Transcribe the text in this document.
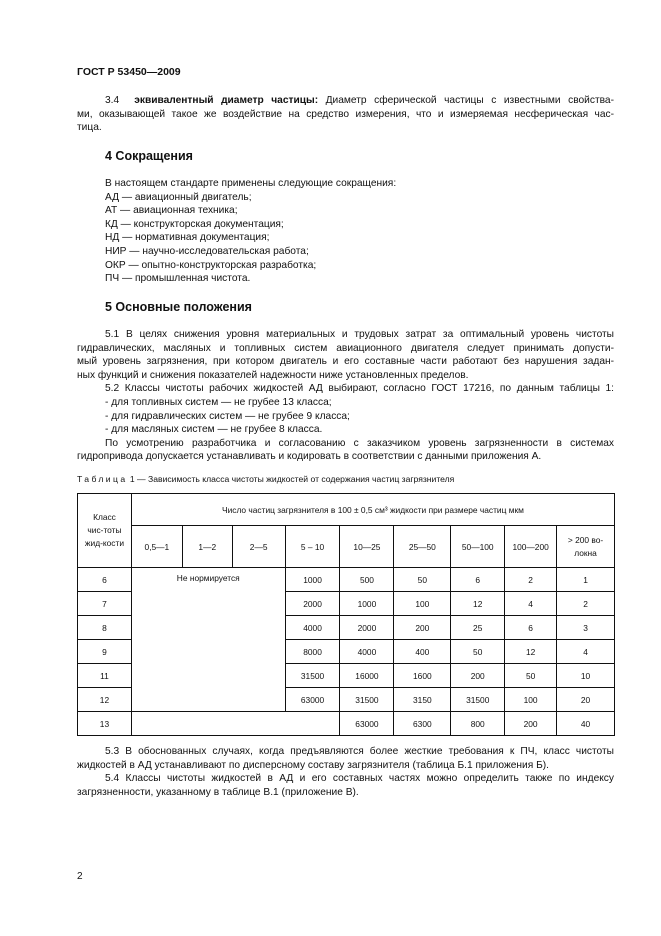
ГОСТ Р 53450—2009
3.4 эквивалентный диаметр частицы: Диаметр сферической частицы с известными свойства-
ми, оказывающей такое же воздействие на средство измерения, что и измеряемая несферическая час-
тица.
4 Сокращения
В настоящем стандарте применены следующие сокращения:
АД — авиационный двигатель;
АТ — авиационная техника;
КД — конструкторская документация;
НД — нормативная документация;
НИР — научно-исследовательская работа;
ОКР — опытно-конструкторская разработка;
ПЧ — промышленная чистота.
5 Основные положения
5.1 В целях снижения уровня материальных и трудовых затрат за оптимальный уровень чистоты
гидравлических, масляных и топливных систем авиационного двигателя следует принимать допусти-
мый уровень загрязнения, при котором двигатель и его составные части работают без нарушения задан-
ных функций и снижения показателей надежности ниже установленных пределов.
5.2 Классы чистоты рабочих жидкостей АД выбирают, согласно ГОСТ 17216, по данным таблицы 1:
- для топливных систем — не грубее 13 класса;
- для гидравлических систем — не грубее 9 класса;
- для масляных систем — не грубее 8 класса.
По усмотрению разработчика и согласованию с заказчиком уровень загрязненности в системах
гидропривода допускается устанавливать и кодировать в соответствии с данными приложения А.
Таблица 1 — Зависимость класса чистоты жидкостей от содержания частиц загрязнителя
Класс чис-тоты жид-кости	Число частиц загрязнителя в 100 ± 0,5 см³ жидкости при размере частиц мкм								
	0,5—1	1—2	2—5	5 – 10	10—25	25—50	50—100	100—200	> 200 во-локна
6	Не нормируется			1000	500	50	6	2	1
7				2000	1000	100	12	4	2
8				4000	2000	200	25	6	3
9				8000	4000	400	50	12	4
11				31500	16000	1600	200	50	10
12				63000	31500	3150	31500	100	20
13					63000	6300	800	200	40
5.3 В обоснованных случаях, когда предъявляются более жесткие требования к ПЧ, класс чистоты
жидкостей в АД устанавливают по дисперсному составу загрязнителя (таблица Б.1 приложения Б).
5.4 Классы чистоты жидкостей в АД и его составных частях можно определить также по индексу
загрязненности, указанному в таблице В.1 (приложение В).
2
